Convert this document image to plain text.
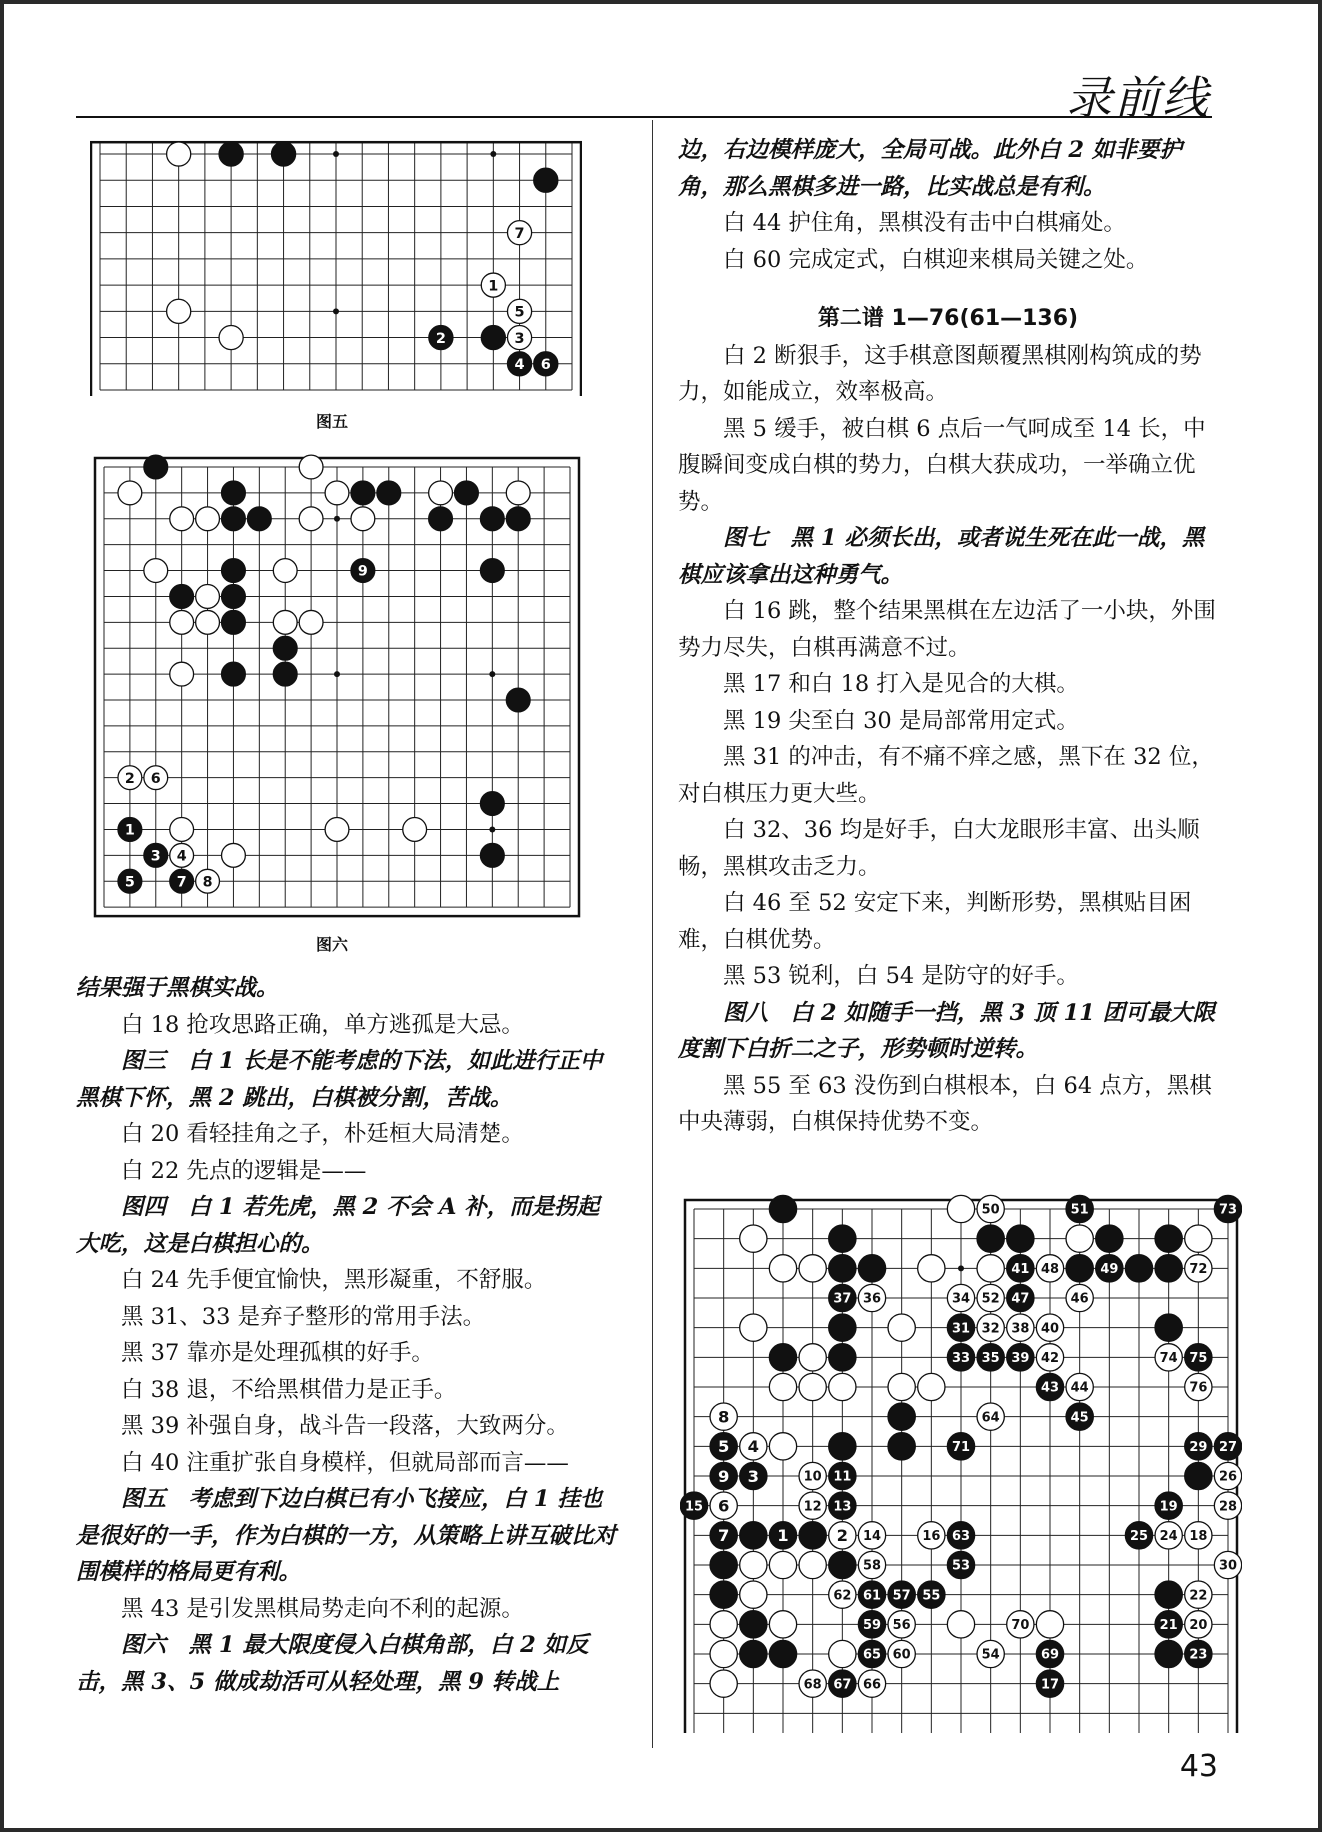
录前线
7
1
5
2	3
4 6
图五
9
2 6
1
3 4
5	7 8
图六

结果强于黑棋实战。

白 18 抢攻思路正确，单方逃孤是大忌。

图三　白 1 长是不能考虑的下法，如此进行正中黑棋下怀，黑 2 跳出，白棋被分割，苦战。

白 20 看轻挂角之子，朴廷桓大局清楚。

白 22 先点的逻辑是——

图四　白 1 若先虎，黑 2 不会 A 补，而是拐起大吃，这是白棋担心的。

白 24 先手便宜愉快，黑形凝重，不舒服。

黑 31、33 是弃子整形的常用手法。

黑 37 靠亦是处理孤棋的好手。

白 38 退，不给黑棋借力是正手。

黑 39 补强自身，战斗告一段落，大致两分。

白 40 注重扩张自身模样，但就局部而言——

图五　考虑到下边白棋已有小飞接应，白 1 挂也是很好的一手，作为白棋的一方，从策略上讲互破比对围模样的格局更有利。

黑 43 是引发黑棋局势走向不利的起源。

图六　黑 1 最大限度侵入白棋角部，白 2 如反击，黑 3、5 做成劫活可从轻处理，黑 9 转战上

边，右边模样庞大，全局可战。此外白 2 如非要护角，那么黑棋多进一路，比实战总是有利。

白 44 护住角，黑棋没有击中白棋痛处。

白 60 完成定式，白棋迎来棋局关键之处。

第二谱 1—76(61—136)

白 2 断狠手，这手棋意图颠覆黑棋刚构筑成的势力，如能成立，效率极高。

黑 5 缓手，被白棋 6 点后一气呵成至 14 长，中腹瞬间变成白棋的势力，白棋大获成功，一举确立优势。

图七　黑 1 必须长出，或者说生死在此一战，黑棋应该拿出这种勇气。

白 16 跳，整个结果黑棋在左边活了一小块，外围势力尽失，白棋再满意不过。

黑 17 和白 18 打入是见合的大棋。

黑 19 尖至白 30 是局部常用定式。

黑 31 的冲击，有不痛不痒之感，黑下在 32 位，对白棋压力更大些。

白 32、36 均是好手，白大龙眼形丰富、出头顺畅，黑棋攻击乏力。

白 46 至 52 安定下来，判断形势，黑棋贴目困难，白棋优势。

黑 53 锐利，白 54 是防守的好手。

图八　白 2 如随手一挡，黑 3 顶 11 团可最大限度割下白折二之子，形势顿时逆转。

黑 55 至 63 没伤到白棋根本，白 64 点方，黑棋中央薄弱，白棋保持优势不变。

50	51	73
41 48	49	72
37 36	34 52 47	46
31 32 38 40
33 35 39 42	74 75
43 44	76
8	64	45
5 4	71	29 27
9 3	10 11	26
15 6	12 13	19	28
7	1	2 14	16 63	25 24 18
58	53	30
62 61 57 55	22
59 56	70	21 20
65 60	54	69	23
68 67 66	17
43
